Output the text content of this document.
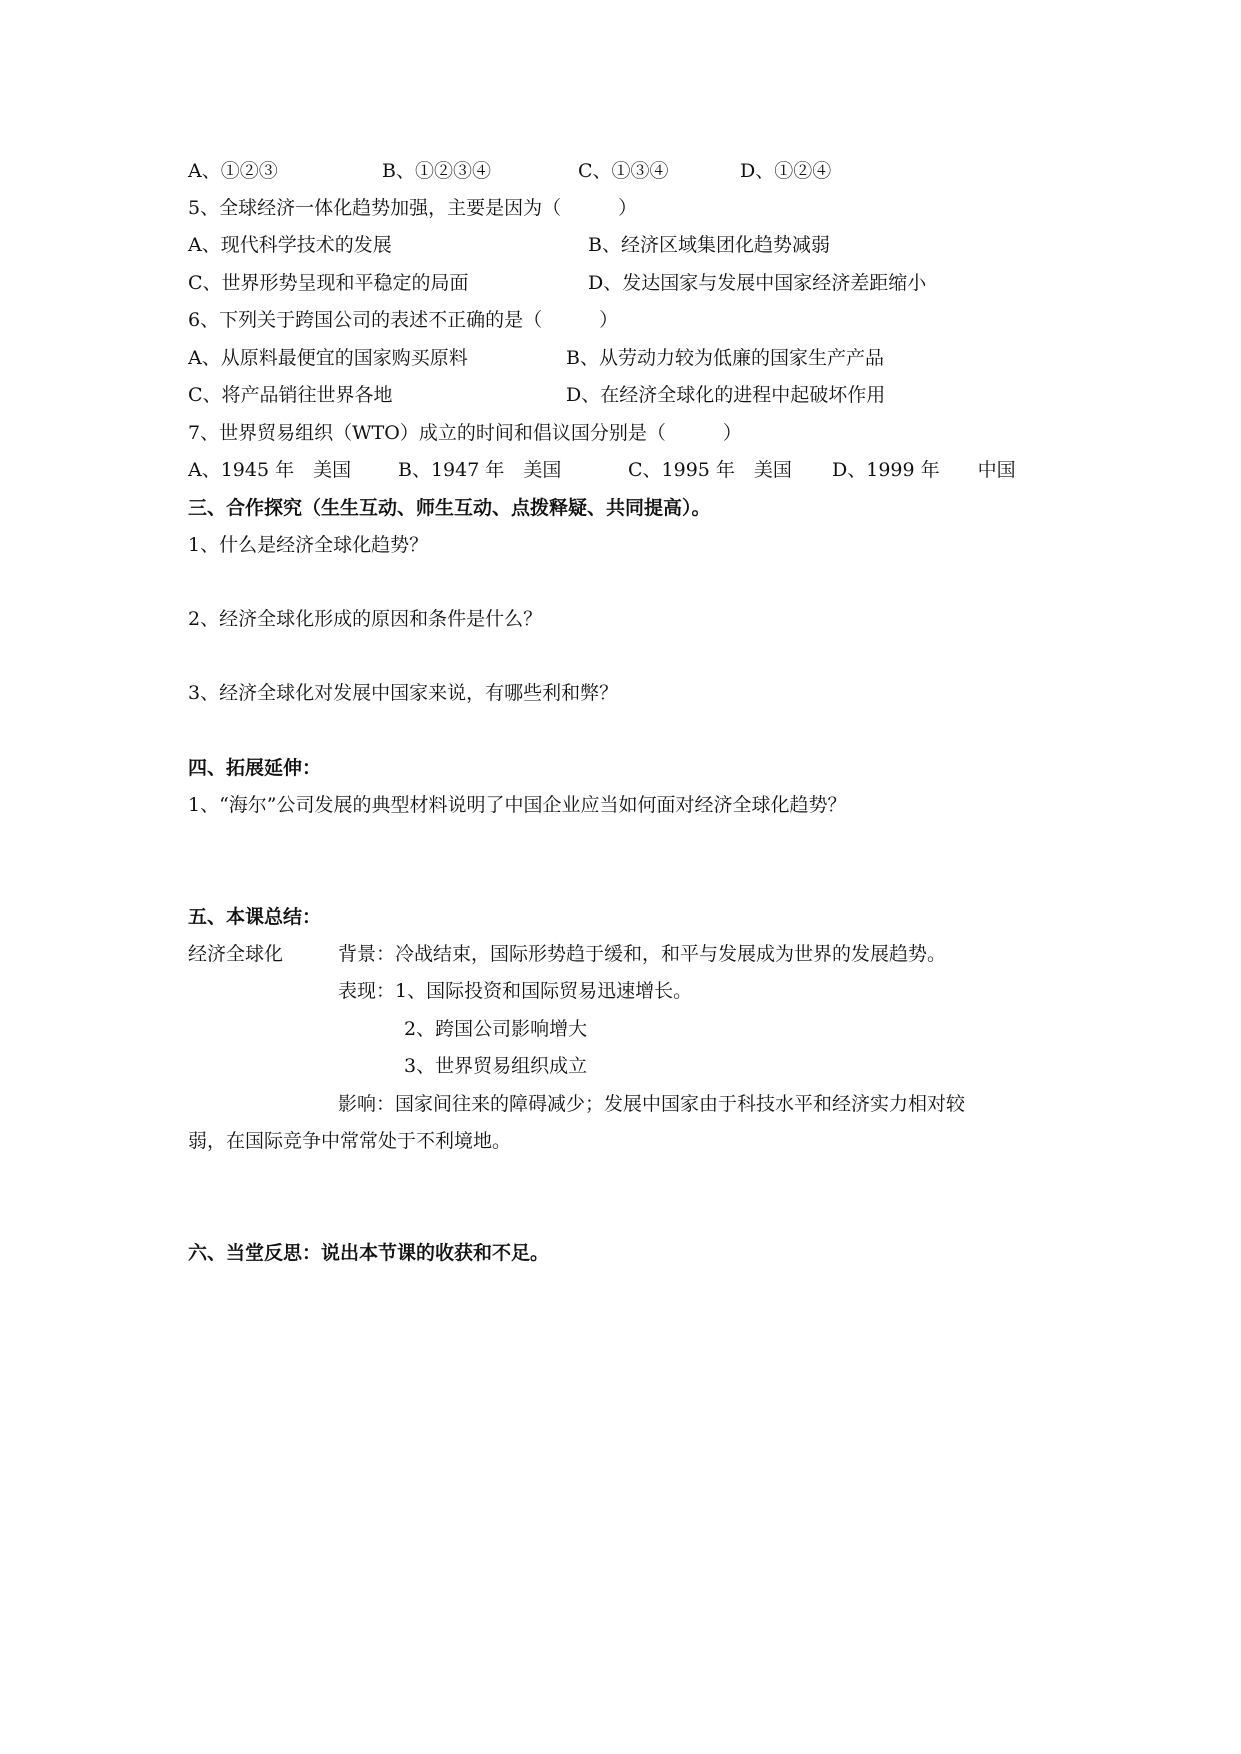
A、①②③	B、①②③④	C、①③④	D、①②④
5、全球经济一体化趋势加强，主要是因为（　　　）
A、现代科学技术的发展	B、经济区域集团化趋势减弱
C、世界形势呈现和平稳定的局面	D、发达国家与发展中国家经济差距缩小
6、下列关于跨国公司的表述不正确的是（　　　）
A、从原料最便宜的国家购买原料	B、从劳动力较为低廉的国家生产产品
C、将产品销往世界各地	D、在经济全球化的进程中起破坏作用
7、世界贸易组织（WTO）成立的时间和倡议国分别是（　　　）
A、1945 年　美国 B、1947 年　美国	C、1995 年　美国 D、1999 年　　中国
三、合作探究（生生互动、师生互动、点拨释疑、共同提高）。
1、什么是经济全球化趋势？
2、经济全球化形成的原因和条件是什么？
3、经济全球化对发展中国家来说，有哪些利和弊？
四、拓展延伸：
1、“海尔”公司发展的典型材料说明了中国企业应当如何面对经济全球化趋势？
五、本课总结：
经济全球化	背景：冷战结束，国际形势趋于缓和，和平与发展成为世界的发展趋势。
表现：1、国际投资和国际贸易迅速增长。
2、跨国公司影响增大
3、世界贸易组织成立
影响：国家间往来的障碍减少；发展中国家由于科技水平和经济实力相对较
弱，在国际竞争中常常处于不利境地。
六、当堂反思：说出本节课的收获和不足。
